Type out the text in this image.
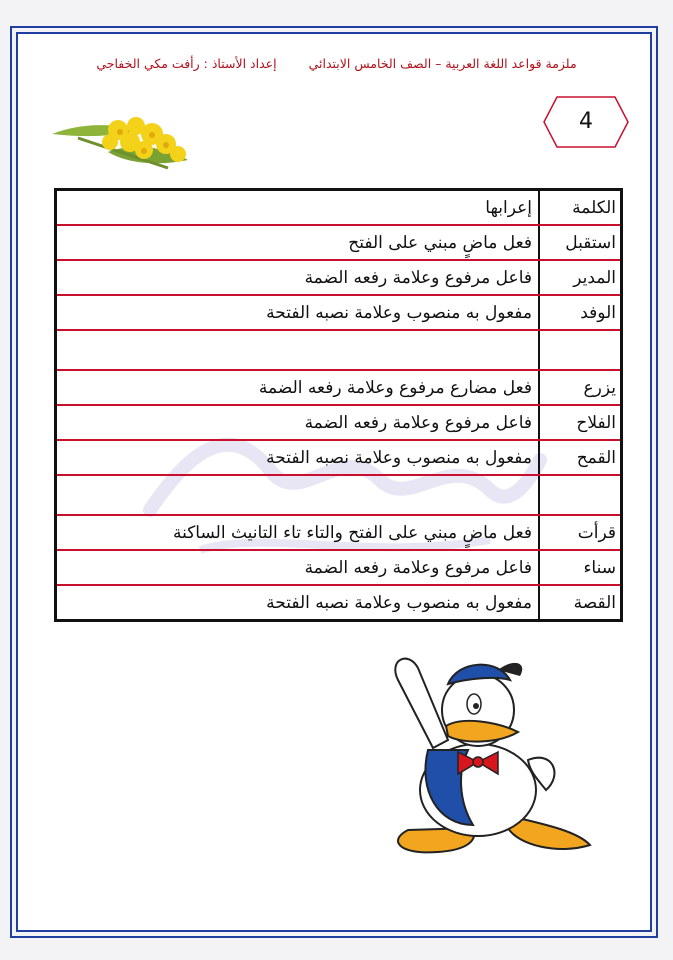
ملزمة قواعد اللغة العربية – الصف الخامس الابتدائي إعداد الأستاذ : رأفت مكي الخفاجي
4
الكلمة	إعرابها
استقبل	فعل ماضٍ مبني على الفتح
المدير	فاعل مرفوع وعلامة رفعه الضمة
الوفد	مفعول به منصوب وعلامة نصبه الفتحة

يزرع	فعل مضارع مرفوع وعلامة رفعه الضمة
الفلاح	فاعل مرفوع وعلامة رفعه الضمة
القمح	مفعول به منصوب وعلامة نصبه الفتحة

قرأت	فعل ماضٍ مبني على الفتح والتاء تاء التانيث الساكنة
سناء	فاعل مرفوع وعلامة رفعه الضمة
القصة	مفعول به منصوب وعلامة نصبه الفتحة
